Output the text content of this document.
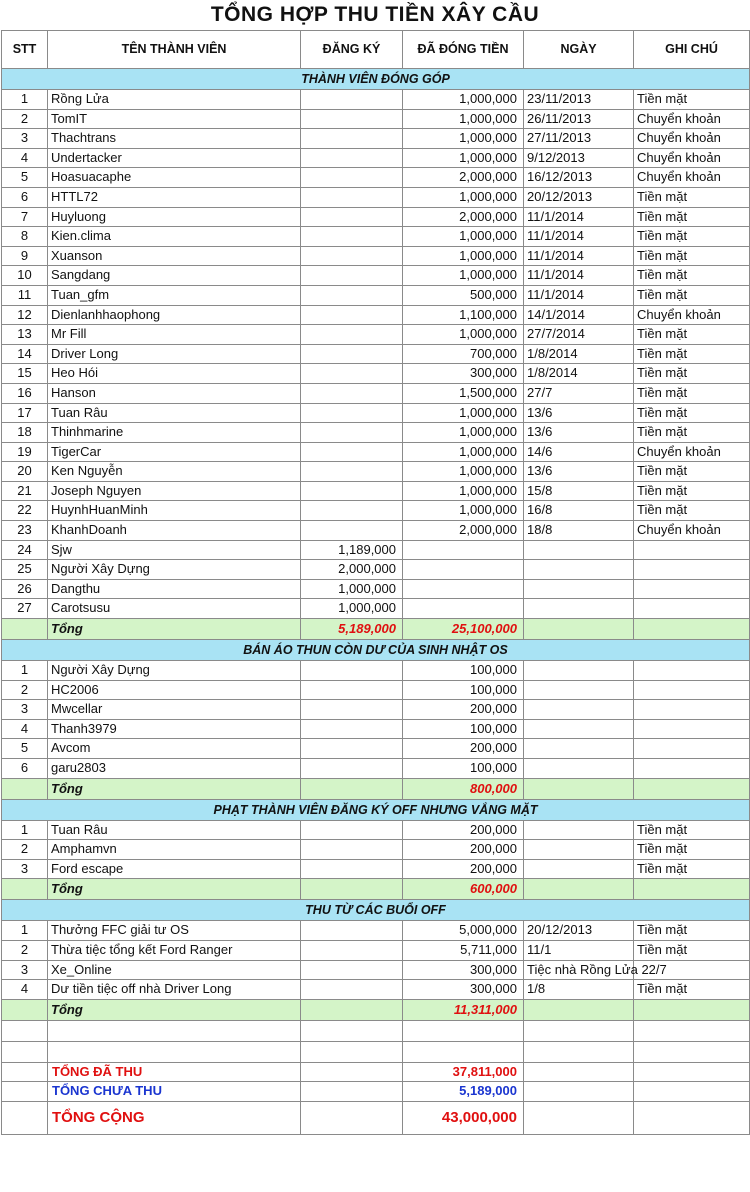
TỔNG HỢP THU TIỀN XÂY CẦU
STT	TÊN THÀNH VIÊN	ĐĂNG KÝ	ĐÃ ĐÓNG TIỀN	NGÀY	GHI CHÚ
THÀNH VIÊN ĐÓNG GÓP					
1	Rồng Lửa		1,000,000	23/11/2013	Tiền mặt
2	TomIT		1,000,000	26/11/2013	Chuyển khoản
3	Thachtrans		1,000,000	27/11/2013	Chuyển khoản
4	Undertacker		1,000,000	9/12/2013	Chuyển khoản
5	Hoasuacaphe		2,000,000	16/12/2013	Chuyển khoản
6	HTTL72		1,000,000	20/12/2013	Tiền mặt
7	Huyluong		2,000,000	11/1/2014	Tiền mặt
8	Kien.clima		1,000,000	11/1/2014	Tiền mặt
9	Xuanson		1,000,000	11/1/2014	Tiền mặt
10	Sangdang		1,000,000	11/1/2014	Tiền mặt
11	Tuan_gfm		500,000	11/1/2014	Tiền mặt
12	Dienlanhhaophong		1,100,000	14/1/2014	Chuyển khoản
13	Mr Fill		1,000,000	27/7/2014	Tiền mặt
14	Driver Long		700,000	1/8/2014	Tiền mặt
15	Heo Hói		300,000	1/8/2014	Tiền mặt
16	Hanson		1,500,000	27/7	Tiền mặt
17	Tuan Râu		1,000,000	13/6	Tiền mặt
18	Thinhmarine		1,000,000	13/6	Tiền mặt
19	TigerCar		1,000,000	14/6	Chuyển khoản
20	Ken Nguyễn		1,000,000	13/6	Tiền mặt
21	Joseph Nguyen		1,000,000	15/8	Tiền mặt
22	HuynhHuanMinh		1,000,000	16/8	Tiền mặt
23	KhanhDoanh		2,000,000	18/8	Chuyển khoản
24	Sjw	1,189,000			
25	Người Xây Dựng	2,000,000			
26	Dangthu	1,000,000			
27	Carotsusu	1,000,000			
	Tổng	5,189,000	25,100,000		
BÁN ÁO THUN CÒN DƯ CỦA SINH NHẬT OS					
1	Người Xây Dựng		100,000		
2	HC2006		100,000		
3	Mwcellar		200,000		
4	Thanh3979		100,000		
5	Avcom		200,000		
6	garu2803		100,000		
	Tổng		800,000		
PHẠT THÀNH VIÊN ĐĂNG KÝ OFF NHƯNG VẮNG MẶT					
1	Tuan Râu		200,000		Tiền mặt
2	Amphamvn		200,000		Tiền mặt
3	Ford escape		200,000		Tiền mặt
	Tổng		600,000		
THU TỪ CÁC BUỔI OFF					
1	Thưởng FFC giải tư OS		5,000,000	20/12/2013	Tiền mặt
2	Thừa tiệc tổng kết Ford Ranger		5,711,000	11/1	Tiền mặt
3	Xe_Online		300,000	Tiệc nhà Rồng Lửa 22/7	
4	Dư tiền tiệc off nhà Driver Long		300,000	1/8	Tiền mặt
	Tổng		11,311,000		

	TỔNG ĐÃ THU		37,811,000		
	TỔNG CHƯA THU		5,189,000		
	TỔNG CỘNG		43,000,000		
